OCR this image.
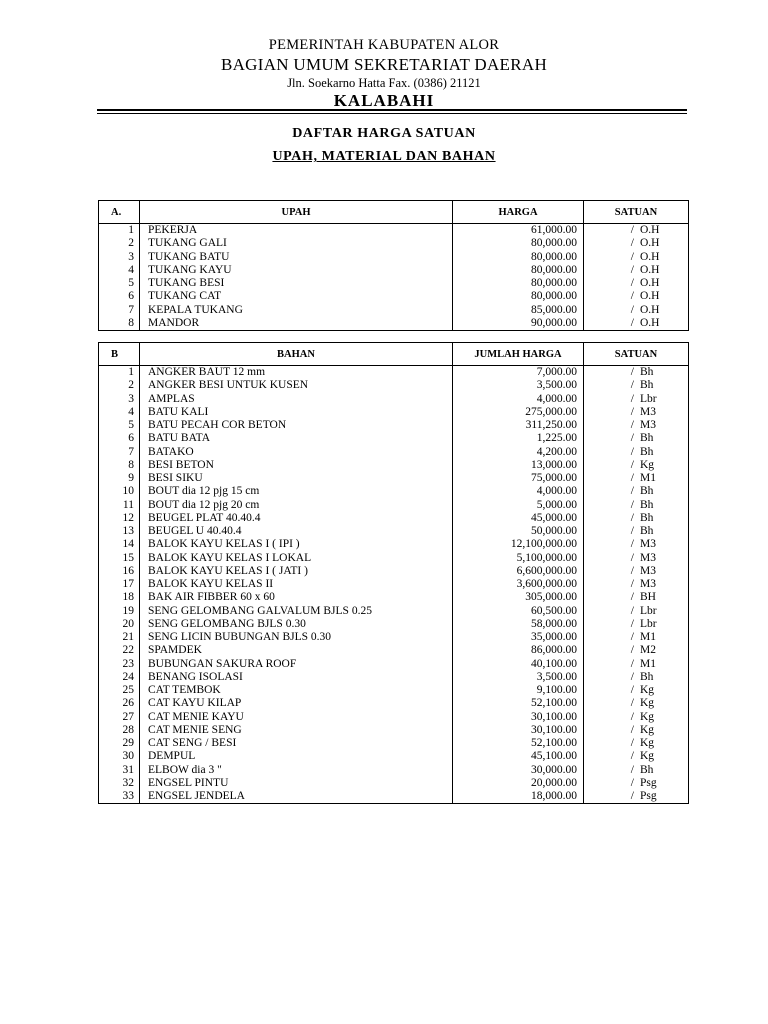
PEMERINTAH KABUPATEN ALOR
BAGIAN UMUM SEKRETARIAT DAERAH
Jln. Soekarno Hatta Fax. (0386) 21121
KALABAHI
DAFTAR HARGA SATUAN
UPAH, MATERIAL DAN BAHAN
A.	UPAH	HARGA	SATUAN
1	PEKERJA	61,000.00	/ O.H
2	TUKANG GALI	80,000.00	/ O.H
3	TUKANG BATU	80,000.00	/ O.H
4	TUKANG KAYU	80,000.00	/ O.H
5	TUKANG BESI	80,000.00	/ O.H
6	TUKANG CAT	80,000.00	/ O.H
7	KEPALA TUKANG	85,000.00	/ O.H
8	MANDOR	90,000.00	/ O.H
B	BAHAN	JUMLAH HARGA	SATUAN
1	ANGKER BAUT 12 mm	7,000.00	/ Bh
2	ANGKER BESI UNTUK KUSEN	3,500.00	/ Bh
3	AMPLAS	4,000.00	/ Lbr
4	BATU KALI	275,000.00	/ M3
5	BATU PECAH COR BETON	311,250.00	/ M3
6	BATU BATA	1,225.00	/ Bh
7	BATAKO	4,200.00	/ Bh
8	BESI BETON	13,000.00	/ Kg
9	BESI SIKU	75,000.00	/ M1
10	BOUT dia 12 pjg 15 cm	4,000.00	/ Bh
11	BOUT dia 12 pjg 20 cm	5,000.00	/ Bh
12	BEUGEL PLAT 40.40.4	45,000.00	/ Bh
13	BEUGEL U 40.40.4	50,000.00	/ Bh
14	BALOK KAYU KELAS I ( IPI )	12,100,000.00	/ M3
15	BALOK KAYU KELAS I LOKAL	5,100,000.00	/ M3
16	BALOK KAYU KELAS I ( JATI )	6,600,000.00	/ M3
17	BALOK KAYU KELAS II	3,600,000.00	/ M3
18	BAK AIR FIBBER 60 x 60	305,000.00	/ BH
19	SENG GELOMBANG GALVALUM BJLS 0.25	60,500.00	/ Lbr
20	SENG GELOMBANG BJLS 0.30	58,000.00	/ Lbr
21	SENG LICIN BUBUNGAN BJLS 0.30	35,000.00	/ M1
22	SPAMDEK	86,000.00	/ M2
23	BUBUNGAN SAKURA ROOF	40,100.00	/ M1
24	BENANG ISOLASI	3,500.00	/ Bh
25	CAT TEMBOK	9,100.00	/ Kg
26	CAT KAYU KILAP	52,100.00	/ Kg
27	CAT MENIE KAYU	30,100.00	/ Kg
28	CAT MENIE SENG	30,100.00	/ Kg
29	CAT SENG / BESI	52,100.00	/ Kg
30	DEMPUL	45,100.00	/ Kg
31	ELBOW dia 3 "	30,000.00	/ Bh
32	ENGSEL PINTU	20,000.00	/ Psg
33	ENGSEL JENDELA	18,000.00	/ Psg
